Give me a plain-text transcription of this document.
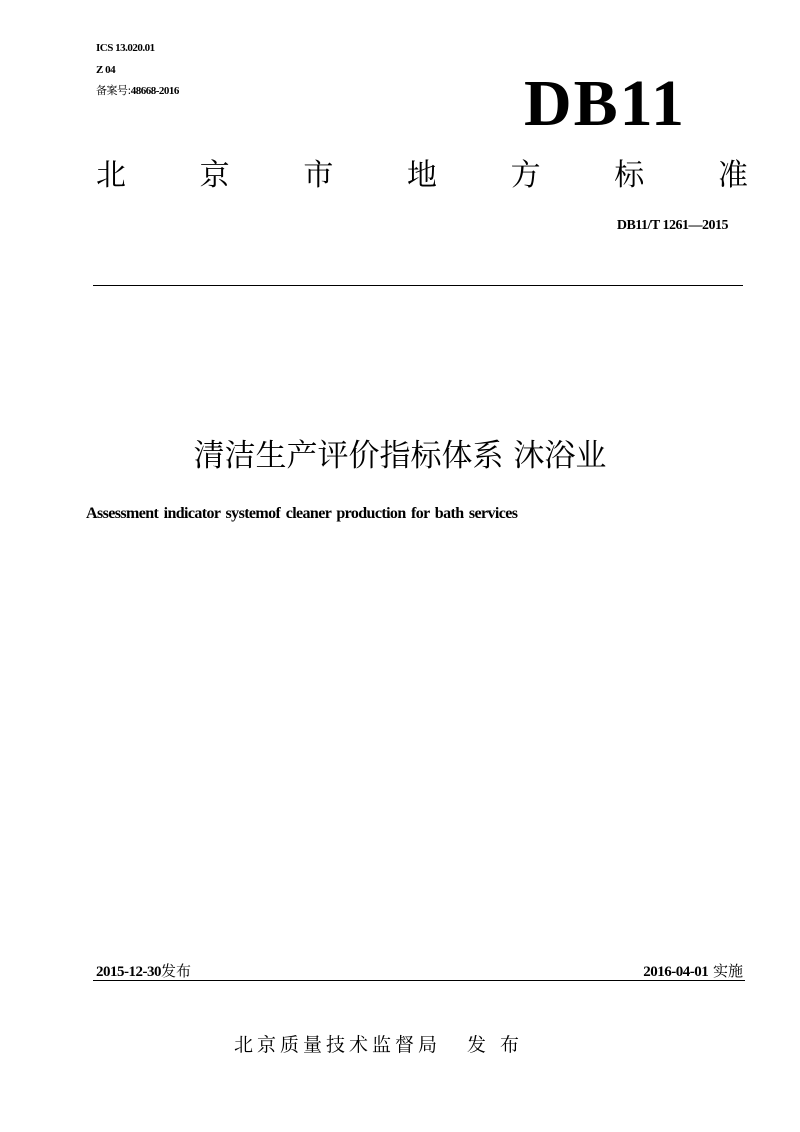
ICS 13.020.01
Z 04
备案号:48668-2016	DB11
北 京 市 地 方 标 准
DB11/T 1261—2015
清洁生产评价指标体系 沐浴业
Assessment indicator systemof cleaner production for bath services
2015-12-30发布	2016-04-01 实施
北京质量技术监督局 发 布
